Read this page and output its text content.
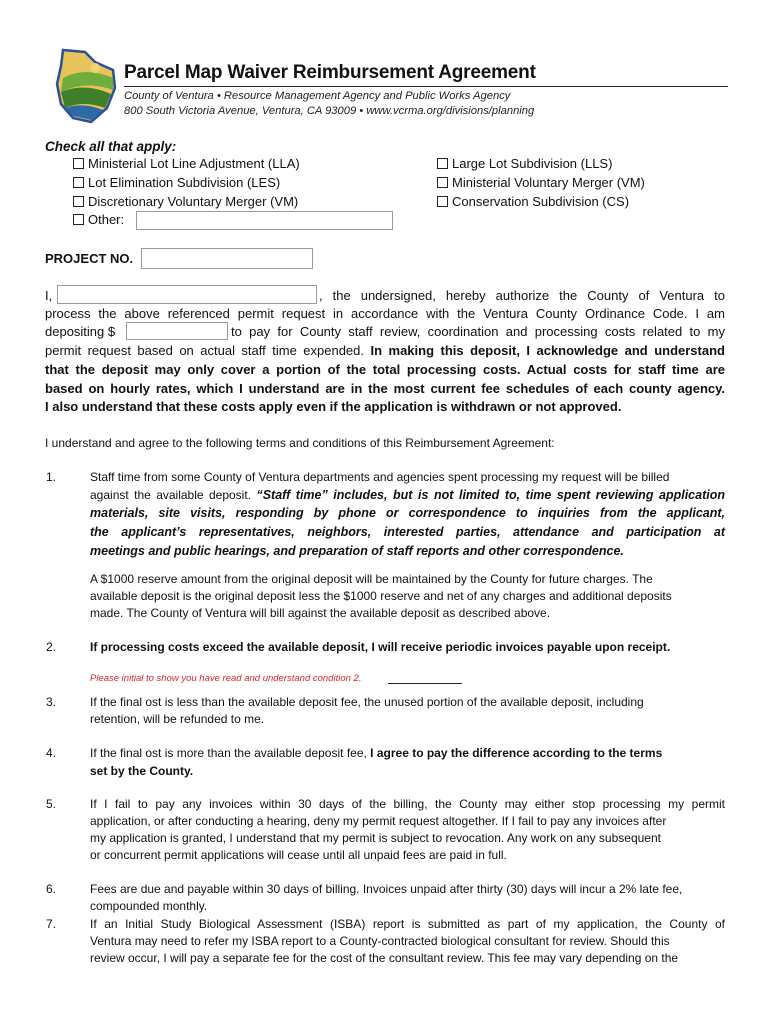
Parcel Map Waiver Reimbursement Agreement
County of Ventura • Resource Management Agency and Public Works Agency
800 South Victoria Avenue, Ventura, CA 93009 • www.vcrma.org/divisions/planning
Check all that apply:
Ministerial Lot Line Adjustment (LLA)
Lot Elimination Subdivision (LES)
Discretionary Voluntary Merger (VM)
Other:
Large Lot Subdivision (LLS)
Ministerial Voluntary Merger (VM)
Conservation Subdivision (CS)
PROJECT NO.
I,	, the undersigned, hereby authorize the County of Ventura to
process the above referenced permit request in accordance with the Ventura County Ordinance Code. I am
depositing $	to pay for County staff review, coordination and processing costs related to my
permit request based on actual staff time expended. In making this deposit, I acknowledge and understand
that the deposit may only cover a portion of the total processing costs. Actual costs for staff time are
based on hourly rates, which I understand are in the most current fee schedules of each county agency.
I also understand that these costs apply even if the application is withdrawn or not approved.
I understand and agree to the following terms and conditions of this Reimbursement Agreement:
1.	Staff time from some County of Ventura departments and agencies spent processing my request will be billed
against the available deposit. “Staff time” includes, but is not limited to, time spent reviewing application
materials, site visits, responding by phone or correspondence to inquiries from the applicant,
the applicant’s representatives, neighbors, interested parties, attendance and participation at
meetings and public hearings, and preparation of staff reports and other correspondence.
A $1000 reserve amount from the original deposit will be maintained by the County for future charges. The
available deposit is the original deposit less the $1000 reserve and net of any charges and additional deposits
made. The County of Ventura will bill against the available deposit as described above.
2.	If processing costs exceed the available deposit, I will receive periodic invoices payable upon receipt.
Please initial to show you have read and understand condition 2.
3.	If the final ost is less than the available deposit fee, the unused portion of the available deposit, including
retention, will be refunded to me.
4.	If the final ost is more than the available deposit fee, I agree to pay the difference according to the terms
set by the County.
5.	If I fail to pay any invoices within 30 days of the billing, the County may either stop processing my permit
application, or after conducting a hearing, deny my permit request altogether. If I fail to pay any invoices after
my application is granted, I understand that my permit is subject to revocation. Any work on any subsequent
or concurrent permit applications will cease until all unpaid fees are paid in full.
6.	Fees are due and payable within 30 days of billing. Invoices unpaid after thirty (30) days will incur a 2% late fee,
compounded monthly.
7.	If an Initial Study Biological Assessment (ISBA) report is submitted as part of my application, the County of
Ventura may need to refer my ISBA report to a County-contracted biological consultant for review. Should this
review occur, I will pay a separate fee for the cost of the consultant review. This fee may vary depending on the
